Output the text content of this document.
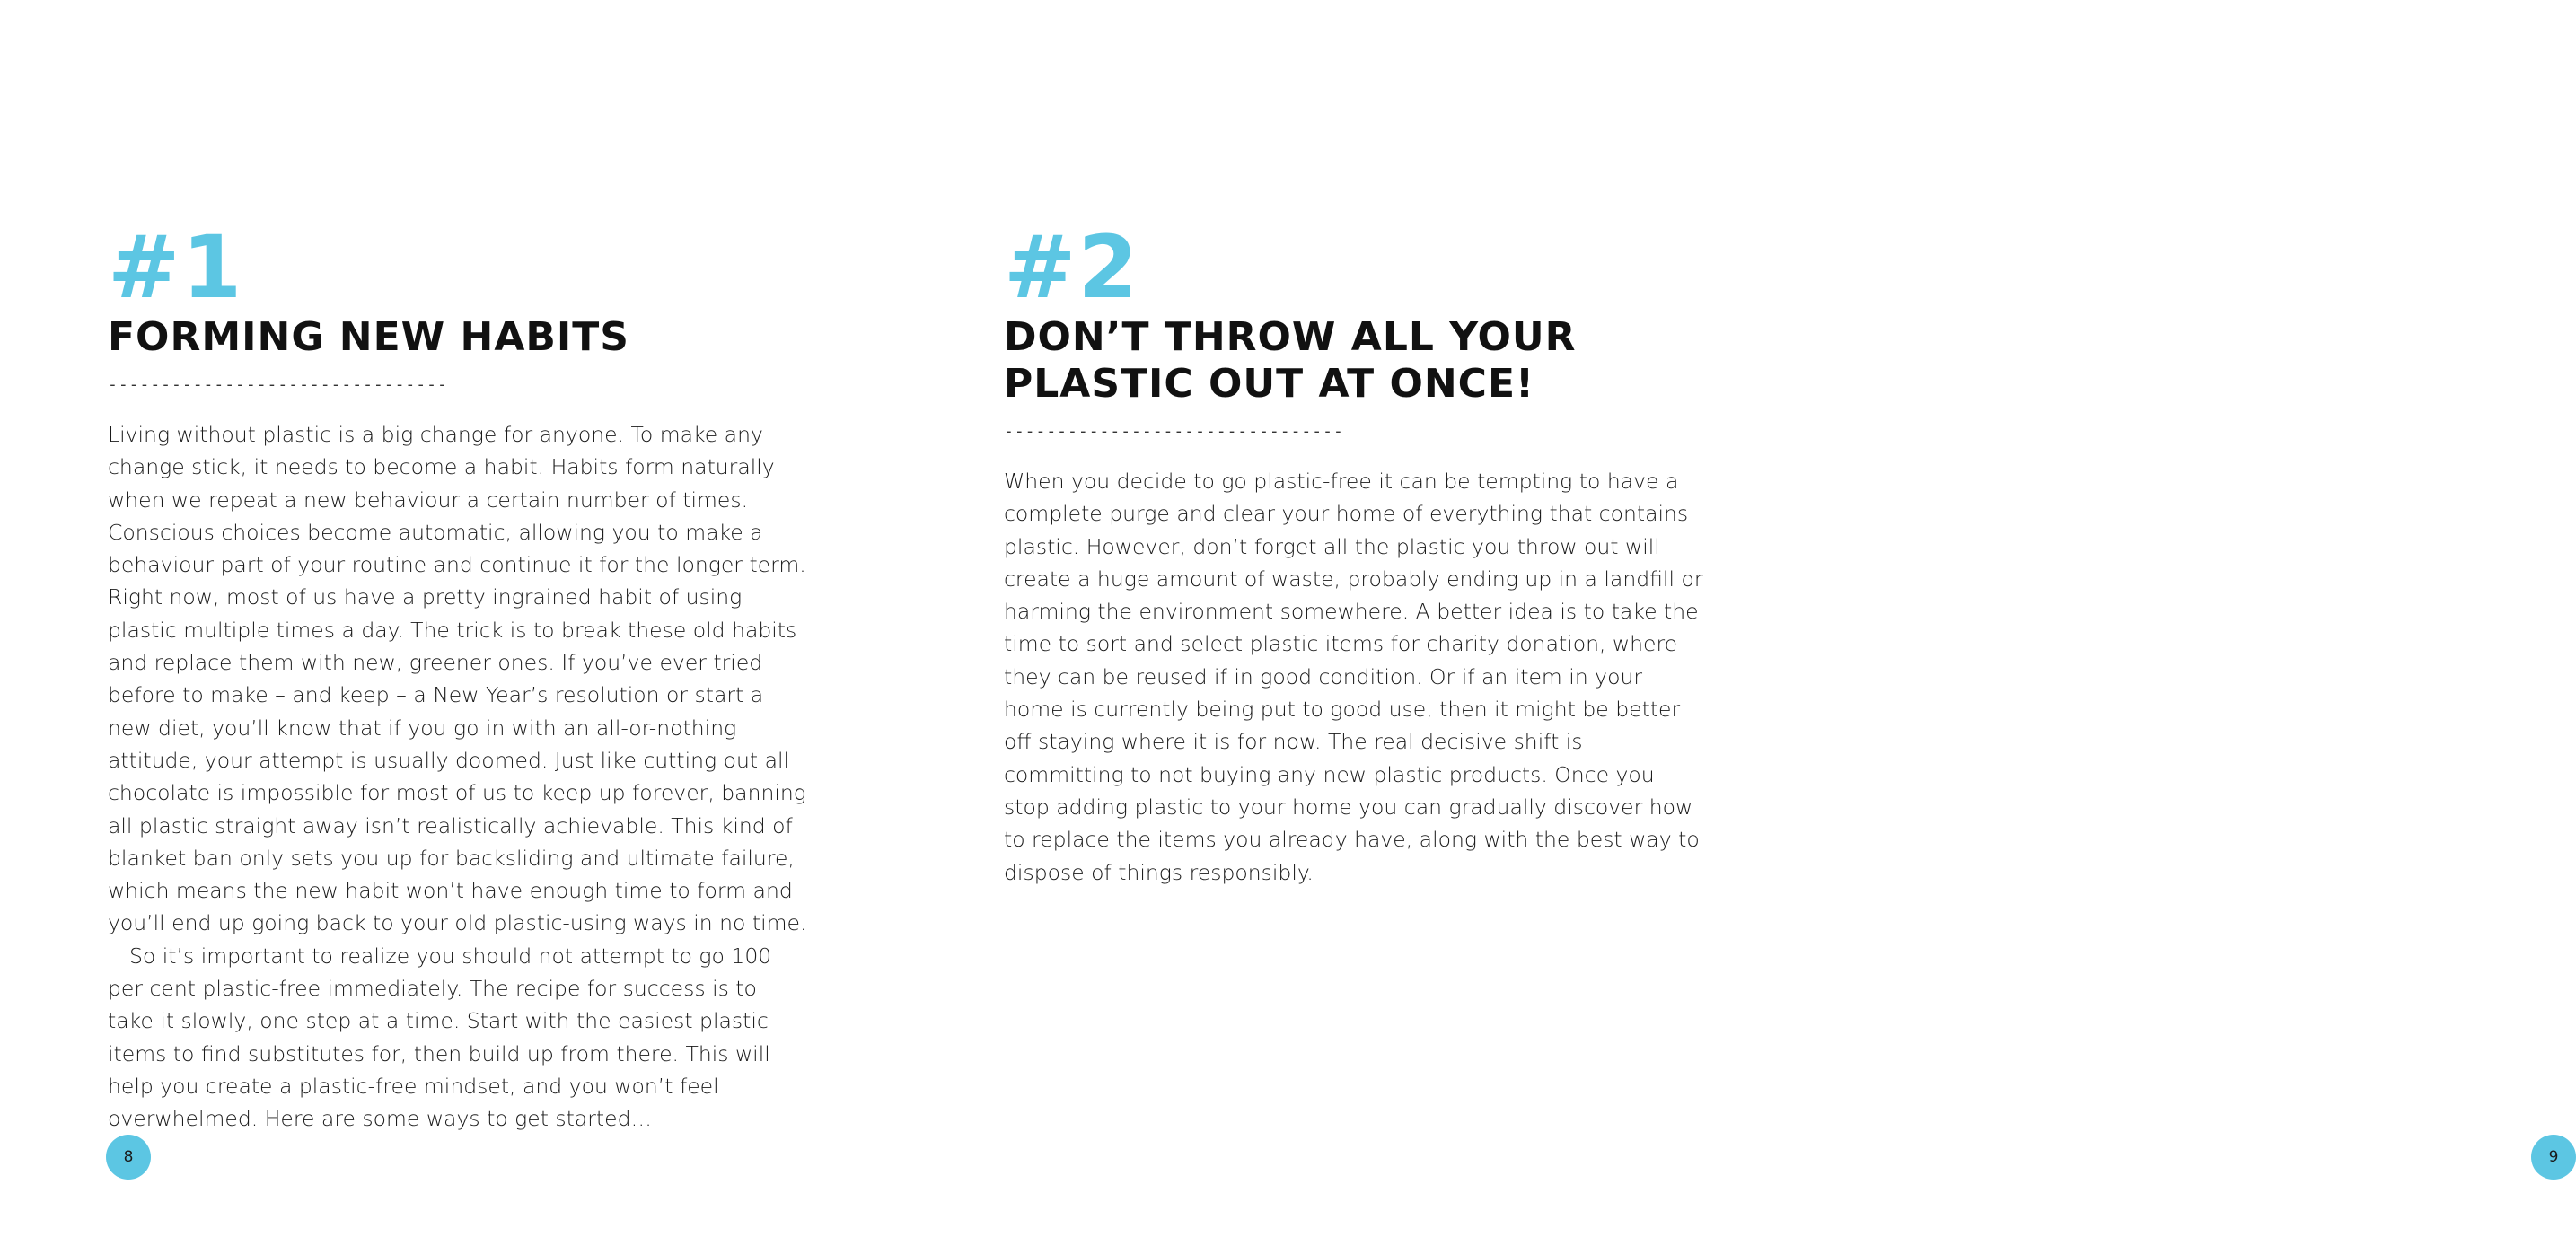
#1
FORMING NEW HABITS
--------------------------------

Living without plastic is a big change for anyone. To make any change stick, it needs to become a habit. Habits form naturally when we repeat a new behaviour a certain number of times. Conscious choices become automatic, allowing you to make a behaviour part of your routine and continue it for the longer term. Right now, most of us have a pretty ingrained habit of using plastic multiple times a day. The trick is to break these old habits and replace them with new, greener ones. If you’ve ever tried before to make – and keep – a New Year’s resolution or start a new diet, you’ll know that if you go in with an all-or-nothing attitude, your attempt is usually doomed. Just like cutting out all chocolate is impossible for most of us to keep up forever, banning all plastic straight away isn’t realistically achievable. This kind of blanket ban only sets you up for backsliding and ultimate failure, which means the new habit won’t have enough time to form and you’ll end up going back to your old plastic-using ways in no time.

So it’s important to realize you should not attempt to go 100 per cent plastic-free immediately. The recipe for success is to take it slowly, one step at a time. Start with the easiest plastic items to find substitutes for, then build up from there. This will help you create a plastic-free mindset, and you won’t feel overwhelmed. Here are some ways to get started…

8
#2
DON’T THROW ALL YOUR
PLASTIC OUT AT ONCE!
--------------------------------

When you decide to go plastic-free it can be tempting to have a complete purge and clear your home of everything that contains plastic. However, don’t forget all the plastic you throw out will create a huge amount of waste, probably ending up in a landfill or harming the environment somewhere. A better idea is to take the time to sort and select plastic items for charity donation, where they can be reused if in good condition. Or if an item in your home is currently being put to good use, then it might be better off staying where it is for now. The real decisive shift is committing to not buying any new plastic products. Once you stop adding plastic to your home you can gradually discover how to replace the items you already have, along with the best way to dispose of things responsibly.

9
